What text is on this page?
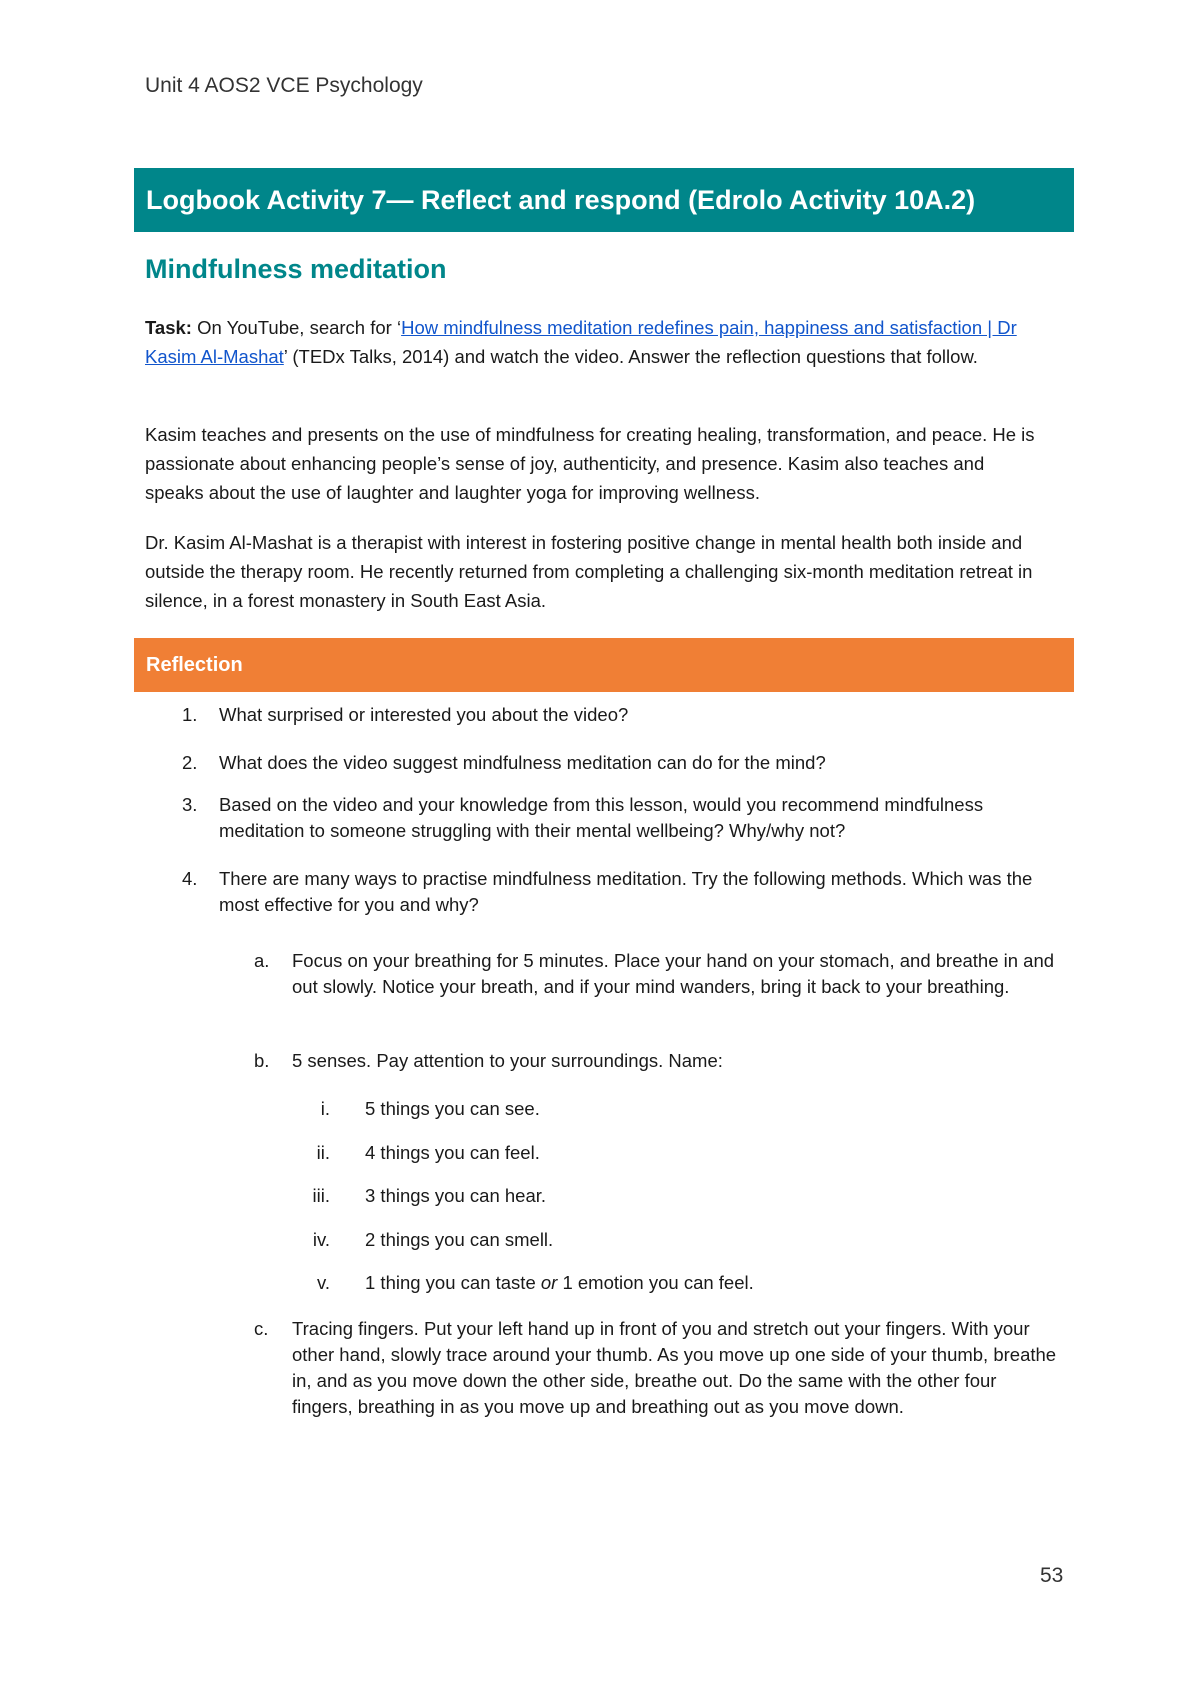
Unit 4 AOS2 VCE Psychology
Logbook Activity 7— Reflect and respond (Edrolo Activity 10A.2)
Mindfulness meditation

Task: On YouTube, search for ‘How mindfulness meditation redefines pain, happiness and satisfaction | Dr Kasim Al-Mashat’ (TEDx Talks, 2014) and watch the video. Answer the reflection questions that follow.

Kasim teaches and presents on the use of mindfulness for creating healing, transformation, and peace. He is passionate about enhancing people’s sense of joy, authenticity, and presence. Kasim also teaches and speaks about the use of laughter and laughter yoga for improving wellness.

Dr. Kasim Al-Mashat is a therapist with interest in fostering positive change in mental health both inside and outside the therapy room. He recently returned from completing a challenging six-month meditation retreat in silence, in a forest monastery in South East Asia.

Reflection
1. What surprised or interested you about the video?
2. What does the video suggest mindfulness meditation can do for the mind?
3. Based on the video and your knowledge from this lesson, would you recommend mindfulness meditation to someone struggling with their mental wellbeing? Why/why not?
4. There are many ways to practise mindfulness meditation. Try the following methods. Which was the most effective for you and why?
a. Focus on your breathing for 5 minutes. Place your hand on your stomach, and breathe in and out slowly. Notice your breath, and if your mind wanders, bring it back to your breathing.
b. 5 senses. Pay attention to your surroundings. Name:
i. 5 things you can see.
ii. 4 things you can feel.
iii. 3 things you can hear.
iv. 2 things you can smell.
v. 1 thing you can taste or 1 emotion you can feel.
c. Tracing fingers. Put your left hand up in front of you and stretch out your fingers. With your other hand, slowly trace around your thumb. As you move up one side of your thumb, breathe in, and as you move down the other side, breathe out. Do the same with the other four fingers, breathing in as you move up and breathing out as you move down.
53
